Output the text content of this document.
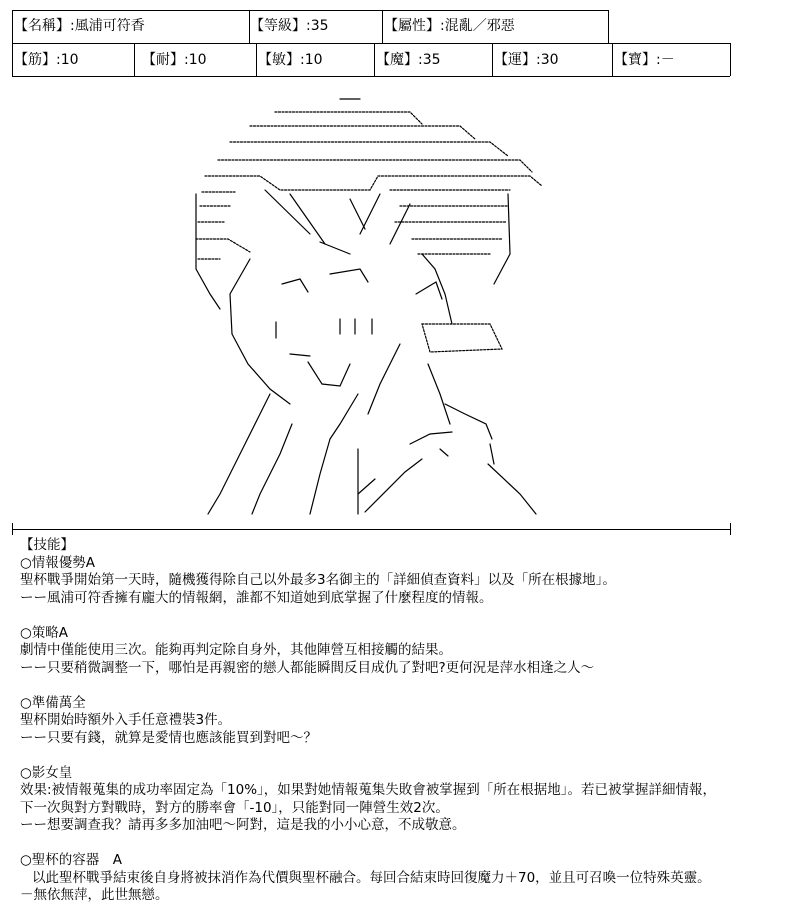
【名稱】:風浦可符香	【等級】:35	【屬性】:混亂／邪惡
【筋】:10	【耐】:10	【敏】:10	【魔】:35	【運】:30	【寶】:－
【技能】
○情報優勢A
聖杯戰爭開始第一天時，隨機獲得除自己以外最多3名御主的「詳細偵查資料」以及「所在根據地」。
ーー風浦可符香擁有龐大的情報網，誰都不知道她到底掌握了什麼程度的情報。
○策略A
劇情中僅能使用三次。能夠再判定除自身外，其他陣營互相接觸的結果。
ーー只要稍微調整一下，哪怕是再親密的戀人都能瞬間反目成仇了對吧?更何況是萍水相逢之人～
○準備萬全
聖杯開始時額外入手任意禮裝3件。
ーー只要有錢，就算是愛情也應該能買到對吧～？
○影女皇
效果:被情報蒐集的成功率固定為「10%」，如果對她情報蒐集失敗會被掌握到「所在根据地」。若已被掌握詳細情報，
下一次與對方對戰時，對方的勝率會「-10」，只能對同一陣營生效2次。
ーー想要調查我？請再多多加油吧～阿對，這是我的小小心意，不成敬意。
○聖杯的容器　A
以此聖杯戰爭結束後自身將被抹消作為代價與聖杯融合。每回合結束時回復魔力＋70，並且可召喚一位特殊英靈。
－無依無萍，此世無戀。
